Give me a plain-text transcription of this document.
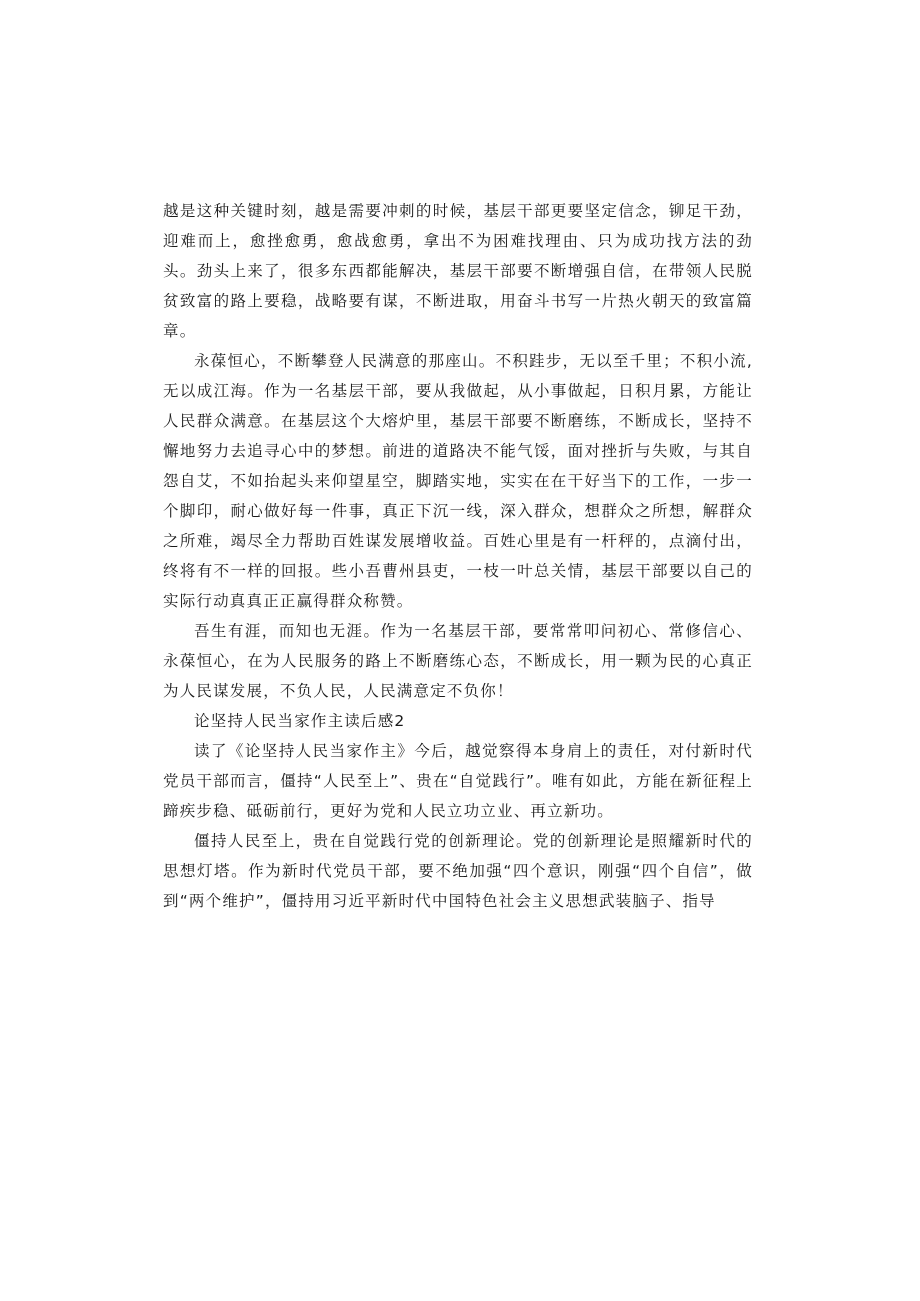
越是这种关键时刻，越是需要冲刺的时候，基层干部更要坚定信念，铆足干劲，迎难而上，愈挫愈勇，愈战愈勇，拿出不为困难找理由、只为成功找方法的劲头。劲头上来了，很多东西都能解决，基层干部要不断增强自信，在带领人民脱贫致富的路上要稳，战略要有谋，不断进取，用奋斗书写一片热火朝天的致富篇章。

永葆恒心，不断攀登人民满意的那座山。不积跬步，无以至千里；不积小流,无以成江海。作为一名基层干部，要从我做起，从小事做起，日积月累，方能让人民群众满意。在基层这个大熔炉里，基层干部要不断磨练，不断成长，坚持不懈地努力去追寻心中的梦想。前进的道路决不能气馁，面对挫折与失败，与其自怨自艾，不如抬起头来仰望星空，脚踏实地，实实在在干好当下的工作，一步一个脚印，耐心做好每一件事，真正下沉一线，深入群众，想群众之所想，解群众之所难，竭尽全力帮助百姓谋发展增收益。百姓心里是有一杆秤的，点滴付出，终将有不一样的回报。些小吾曹州县吏，一枝一叶总关情，基层干部要以自己的实际行动真真正正赢得群众称赞。

吾生有涯，而知也无涯。作为一名基层干部，要常常叩问初心、常修信心、永葆恒心，在为人民服务的路上不断磨练心态，不断成长，用一颗为民的心真正为人民谋发展，不负人民，人民满意定不负你！

论坚持人民当家作主读后感2

读了《论坚持人民当家作主》今后，越觉察得本身肩上的责任，对付新时代党员干部而言，僵持“人民至上”、贵在“自觉践行”。唯有如此，方能在新征程上蹄疾步稳、砥砺前行，更好为党和人民立功立业、再立新功。

僵持人民至上，贵在自觉践行党的创新理论。党的创新理论是照耀新时代的思想灯塔。作为新时代党员干部，要不绝加强“四个意识，刚强“四个自信”，做到“两个维护”，僵持用习近平新时代中国特色社会主义思想武装脑子、指导
